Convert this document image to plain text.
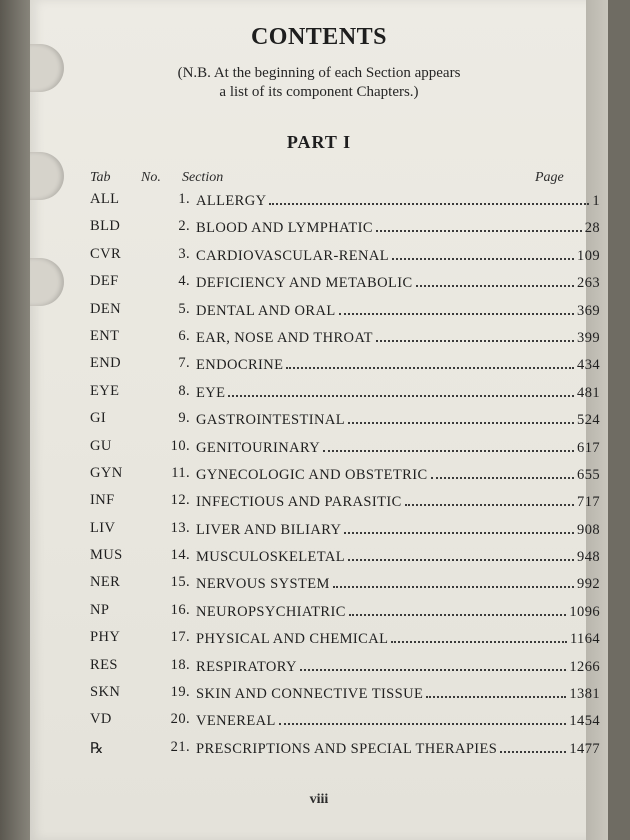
CONTENTS
(N.B. At the beginning of each Section appears
a list of its component Chapters.)
PART I
Tab No. Section	Page
ALL	1. ALLERGY	1
BLD	2. BLOOD AND LYMPHATIC	28
CVR	3. CARDIOVASCULAR-RENAL	109
DEF	4. DEFICIENCY AND METABOLIC	263
DEN	5. DENTAL AND ORAL	369
ENT	6. EAR, NOSE AND THROAT	399
END	7. ENDOCRINE	434
EYE	8. EYE	481
GI	9. GASTROINTESTINAL	524
GU	10. GENITOURINARY	617
GYN	11. GYNECOLOGIC AND OBSTETRIC	655
INF	12. INFECTIOUS AND PARASITIC	717
LIV	13. LIVER AND BILIARY	908
MUS	14. MUSCULOSKELETAL	948
NER	15. NERVOUS SYSTEM	992
NP	16. NEUROPSYCHIATRIC	1096
PHY	17. PHYSICAL AND CHEMICAL	1164
RES	18. RESPIRATORY	1266
SKN	19. SKIN AND CONNECTIVE TISSUE	1381
VD	20. VENEREAL	1454
℞	21. PRESCRIPTIONS AND SPECIAL THERAPIES	1477
viii
